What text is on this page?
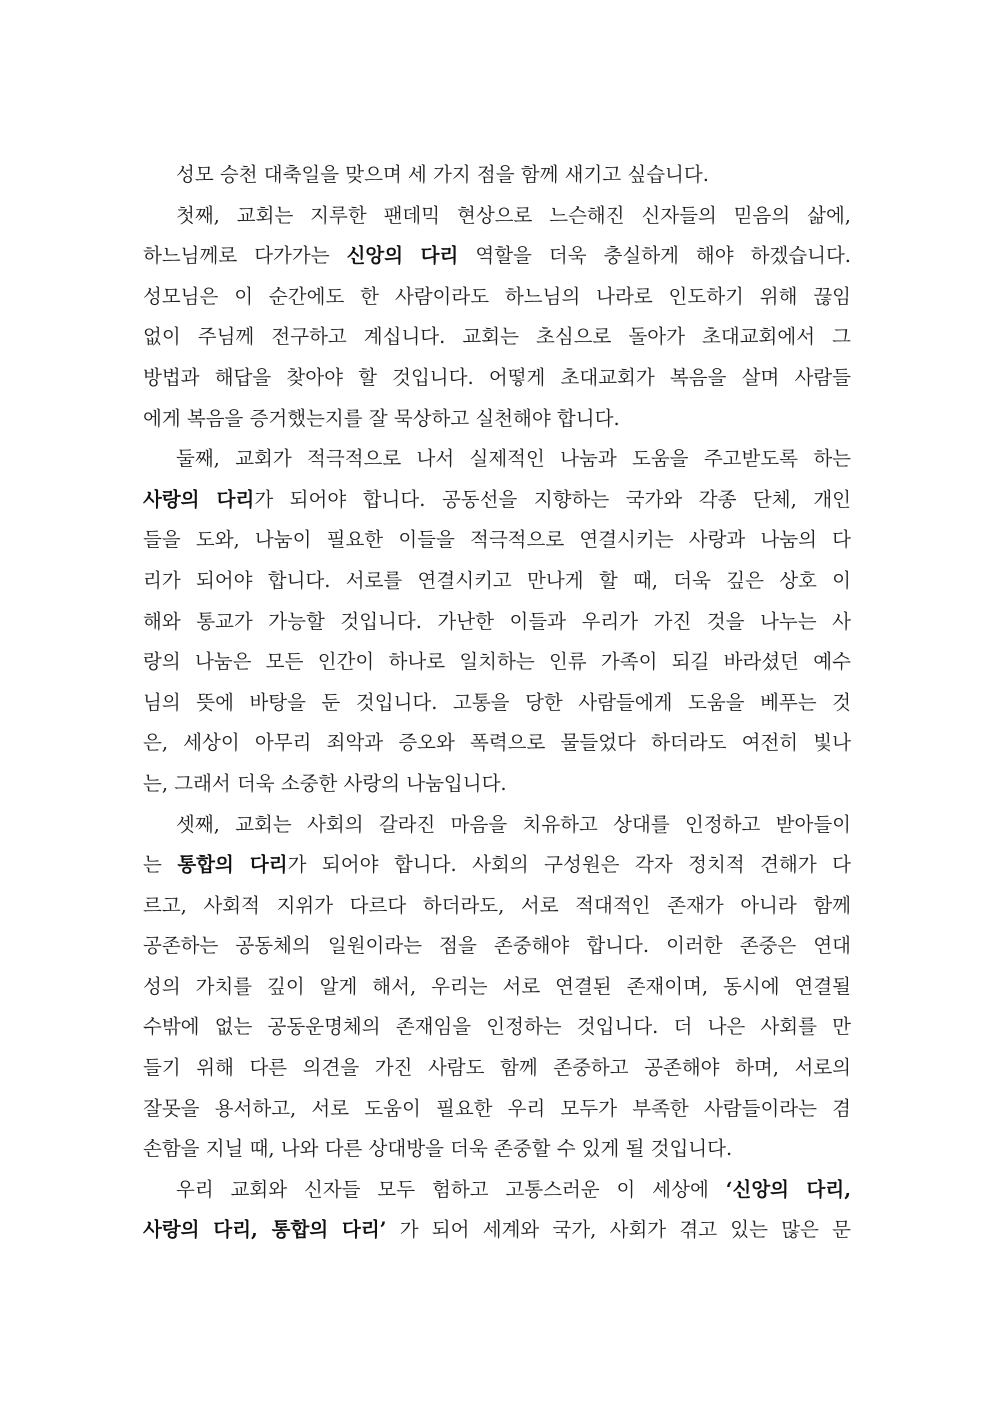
성모 승천 대축일을 맞으며 세 가지 점을 함께 새기고 싶습니다.
첫째, 교회는 지루한 팬데믹 현상으로 느슨해진 신자들의 믿음의 삶에,
하느님께로 다가가는 신앙의 다리 역할을 더욱 충실하게 해야 하겠습니다.
성모님은 이 순간에도 한 사람이라도 하느님의 나라로 인도하기 위해 끊임
없이 주님께 전구하고 계십니다. 교회는 초심으로 돌아가 초대교회에서 그
방법과 해답을 찾아야 할 것입니다. 어떻게 초대교회가 복음을 살며 사람들
에게 복음을 증거했는지를 잘 묵상하고 실천해야 합니다.
둘째, 교회가 적극적으로 나서 실제적인 나눔과 도움을 주고받도록 하는
사랑의 다리가 되어야 합니다. 공동선을 지향하는 국가와 각종 단체, 개인
들을 도와, 나눔이 필요한 이들을 적극적으로 연결시키는 사랑과 나눔의 다
리가 되어야 합니다. 서로를 연결시키고 만나게 할 때, 더욱 깊은 상호 이
해와 통교가 가능할 것입니다. 가난한 이들과 우리가 가진 것을 나누는 사
랑의 나눔은 모든 인간이 하나로 일치하는 인류 가족이 되길 바라셨던 예수
님의 뜻에 바탕을 둔 것입니다. 고통을 당한 사람들에게 도움을 베푸는 것
은, 세상이 아무리 죄악과 증오와 폭력으로 물들었다 하더라도 여전히 빛나
는, 그래서 더욱 소중한 사랑의 나눔입니다.
셋째, 교회는 사회의 갈라진 마음을 치유하고 상대를 인정하고 받아들이
는 통합의 다리가 되어야 합니다. 사회의 구성원은 각자 정치적 견해가 다
르고, 사회적 지위가 다르다 하더라도, 서로 적대적인 존재가 아니라 함께
공존하는 공동체의 일원이라는 점을 존중해야 합니다. 이러한 존중은 연대
성의 가치를 깊이 알게 해서, 우리는 서로 연결된 존재이며, 동시에 연결될
수밖에 없는 공동운명체의 존재임을 인정하는 것입니다. 더 나은 사회를 만
들기 위해 다른 의견을 가진 사람도 함께 존중하고 공존해야 하며, 서로의
잘못을 용서하고, 서로 도움이 필요한 우리 모두가 부족한 사람들이라는 겸
손함을 지닐 때, 나와 다른 상대방을 더욱 존중할 수 있게 될 것입니다.
우리 교회와 신자들 모두 험하고 고통스러운 이 세상에 ‘신앙의 다리,
사랑의 다리, 통합의 다리’ 가 되어 세계와 국가, 사회가 겪고 있는 많은 문
